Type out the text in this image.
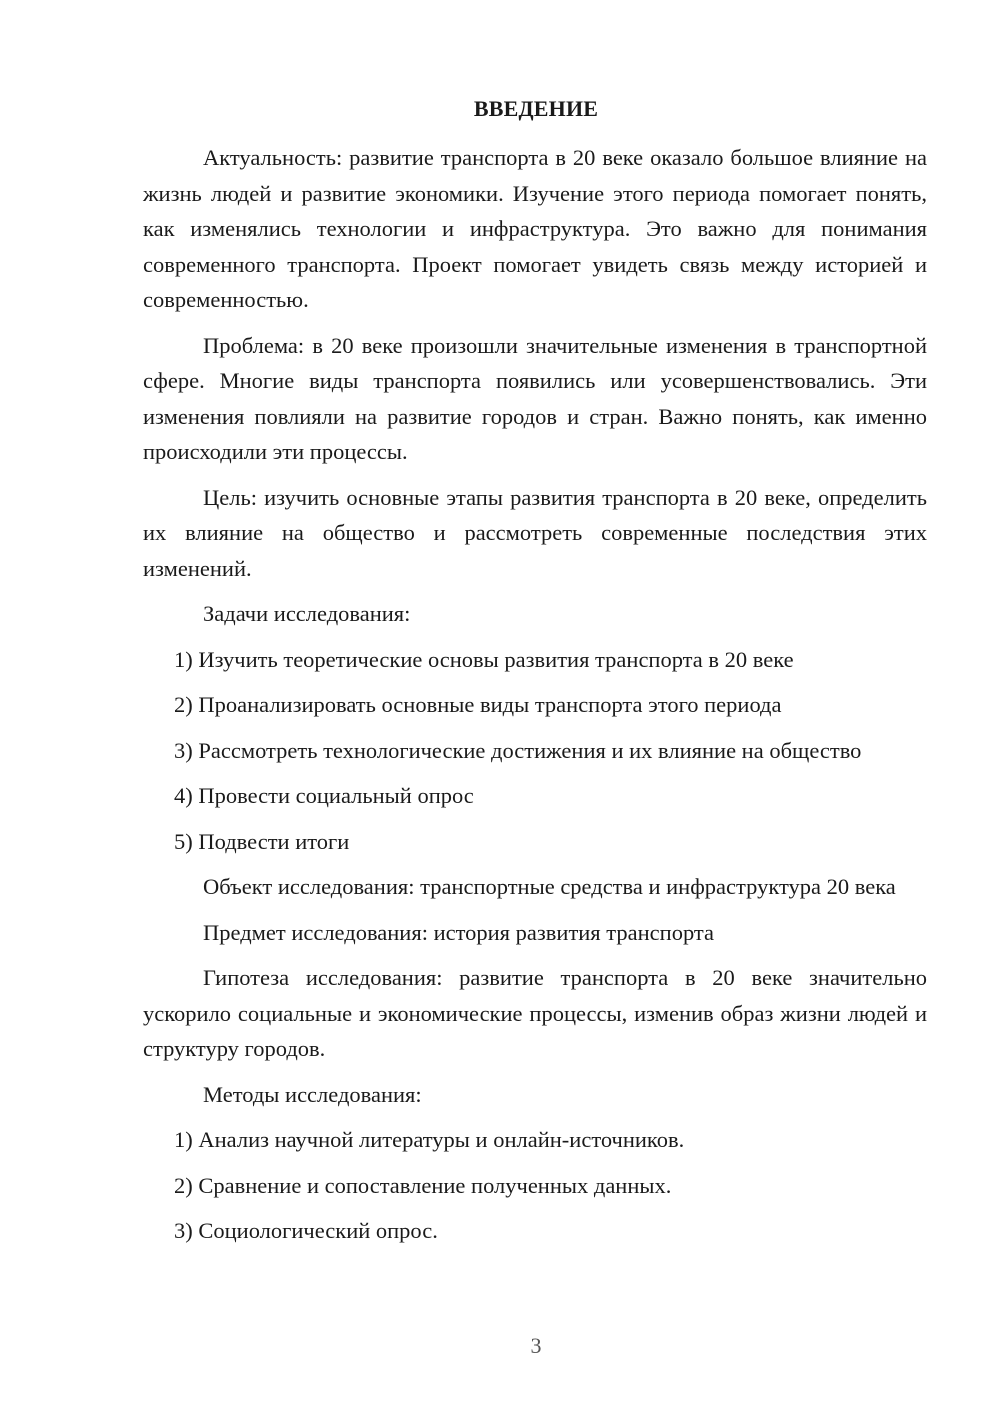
ВВЕДЕНИЕ

Актуальность: развитие транспорта в 20 веке оказало большое влияние на жизнь людей и развитие экономики. Изучение этого периода помогает понять, как изменялись технологии и инфраструктура. Это важно для понимания современного транспорта. Проект помогает увидеть связь между историей и современностью.

Проблема: в 20 веке произошли значительные изменения в транспортной сфере. Многие виды транспорта появились или усовершенствовались. Эти изменения повлияли на развитие городов и стран. Важно понять, как именно происходили эти процессы.

Цель: изучить основные этапы развития транспорта в 20 веке, определить их влияние на общество и рассмотреть современные последствия этих изменений.

Задачи исследования:

1) Изучить теоретические основы развития транспорта в 20 веке

2) Проанализировать основные виды транспорта этого периода

3) Рассмотреть технологические достижения и их влияние на общество

4) Провести социальный опрос

5) Подвести итоги

Объект исследования: транспортные средства и инфраструктура 20 века

Предмет исследования: история развития транспорта

Гипотеза исследования: развитие транспорта в 20 веке значительно ускорило социальные и экономические процессы, изменив образ жизни людей и структуру городов.

Методы исследования:

1) Анализ научной литературы и онлайн-источников.

2) Сравнение и сопоставление полученных данных.

3) Социологический опрос.

3
